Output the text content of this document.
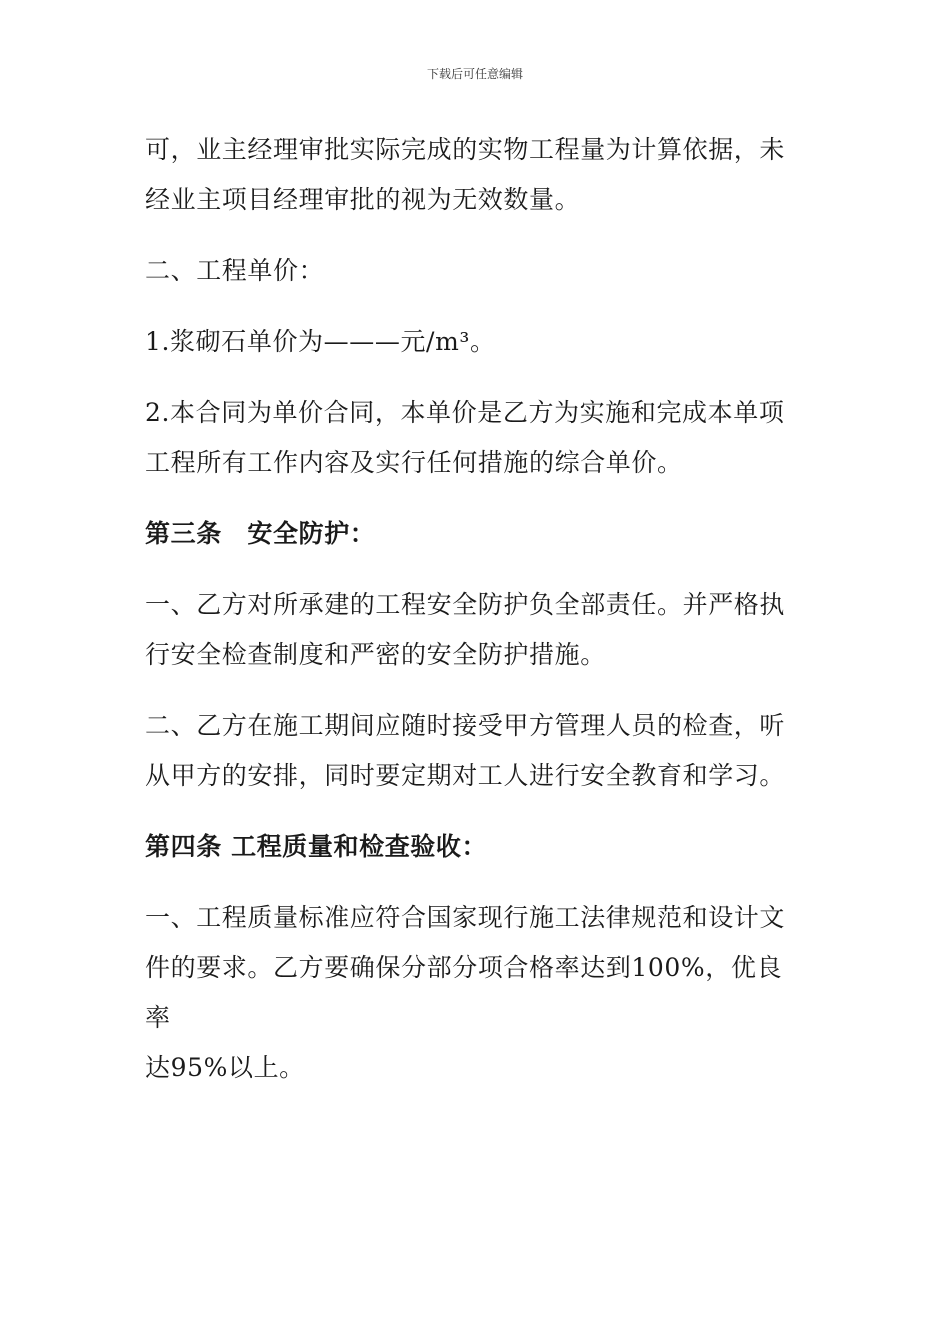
下载后可任意编辑

可，业主经理审批实际完成的实物工程量为计算依据，未
经业主项目经理审批的视为无效数量。

二、工程单价：

1.浆砌石单价为———元/m³。

2.本合同为单价合同，本单价是乙方为实施和完成本单项
工程所有工作内容及实行任何措施的综合单价。

第三条　安全防护：

一、乙方对所承建的工程安全防护负全部责任。并严格执
行安全检查制度和严密的安全防护措施。

二、乙方在施工期间应随时接受甲方管理人员的检查，听
从甲方的安排，同时要定期对工人进行安全教育和学习。

第四条 工程质量和检查验收：

一、工程质量标准应符合国家现行施工法律规范和设计文
件的要求。乙方要确保分部分项合格率达到100%，优良率
达95%以上。
